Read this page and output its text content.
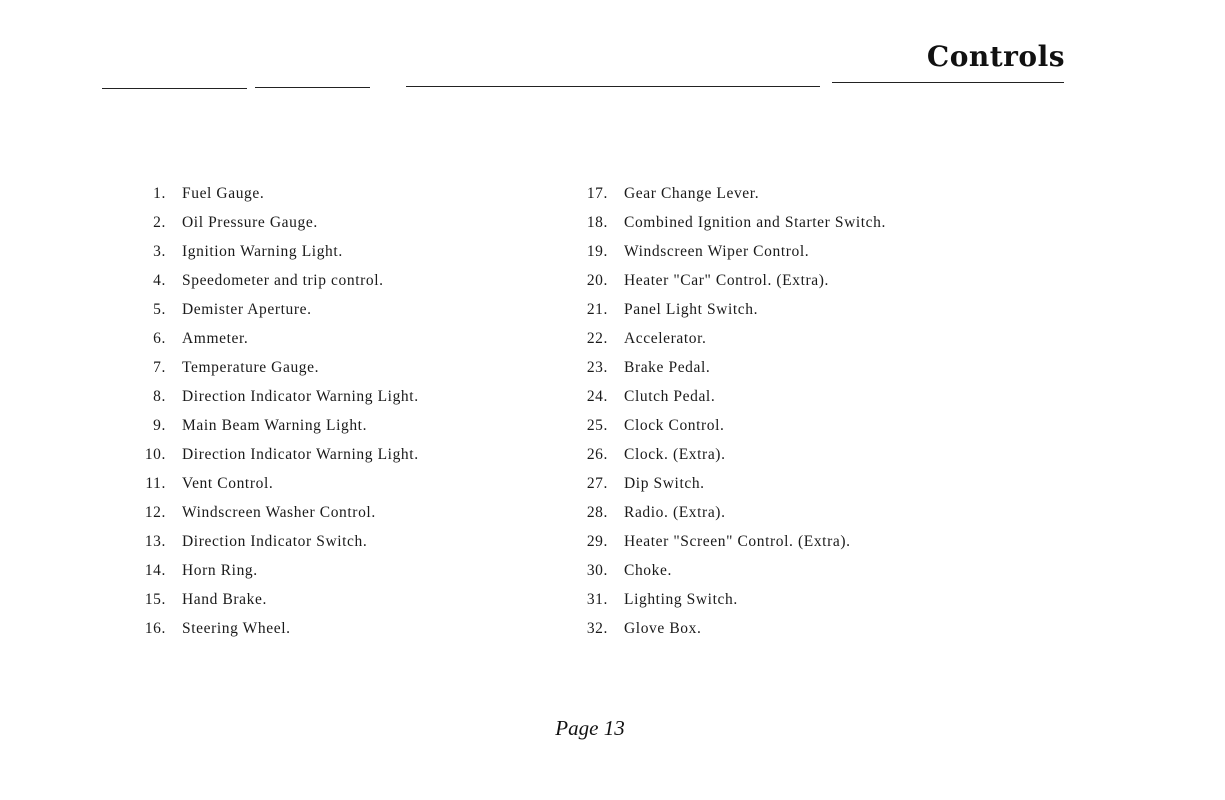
Controls
1. Fuel Gauge.
2. Oil Pressure Gauge.
3. Ignition Warning Light.
4. Speedometer and trip control.
5. Demister Aperture.
6. Ammeter.
7. Temperature Gauge.
8. Direction Indicator Warning Light.
9. Main Beam Warning Light.
10. Direction Indicator Warning Light.
11. Vent Control.
12. Windscreen Washer Control.
13. Direction Indicator Switch.
14. Horn Ring.
15. Hand Brake.
16. Steering Wheel.
17. Gear Change Lever.
18. Combined Ignition and Starter Switch.
19. Windscreen Wiper Control.
20. Heater "Car" Control. (Extra).
21. Panel Light Switch.
22. Accelerator.
23. Brake Pedal.
24. Clutch Pedal.
25. Clock Control.
26. Clock. (Extra).
27. Dip Switch.
28. Radio. (Extra).
29. Heater "Screen" Control. (Extra).
30. Choke.
31. Lighting Switch.
32. Glove Box.
Page 13
